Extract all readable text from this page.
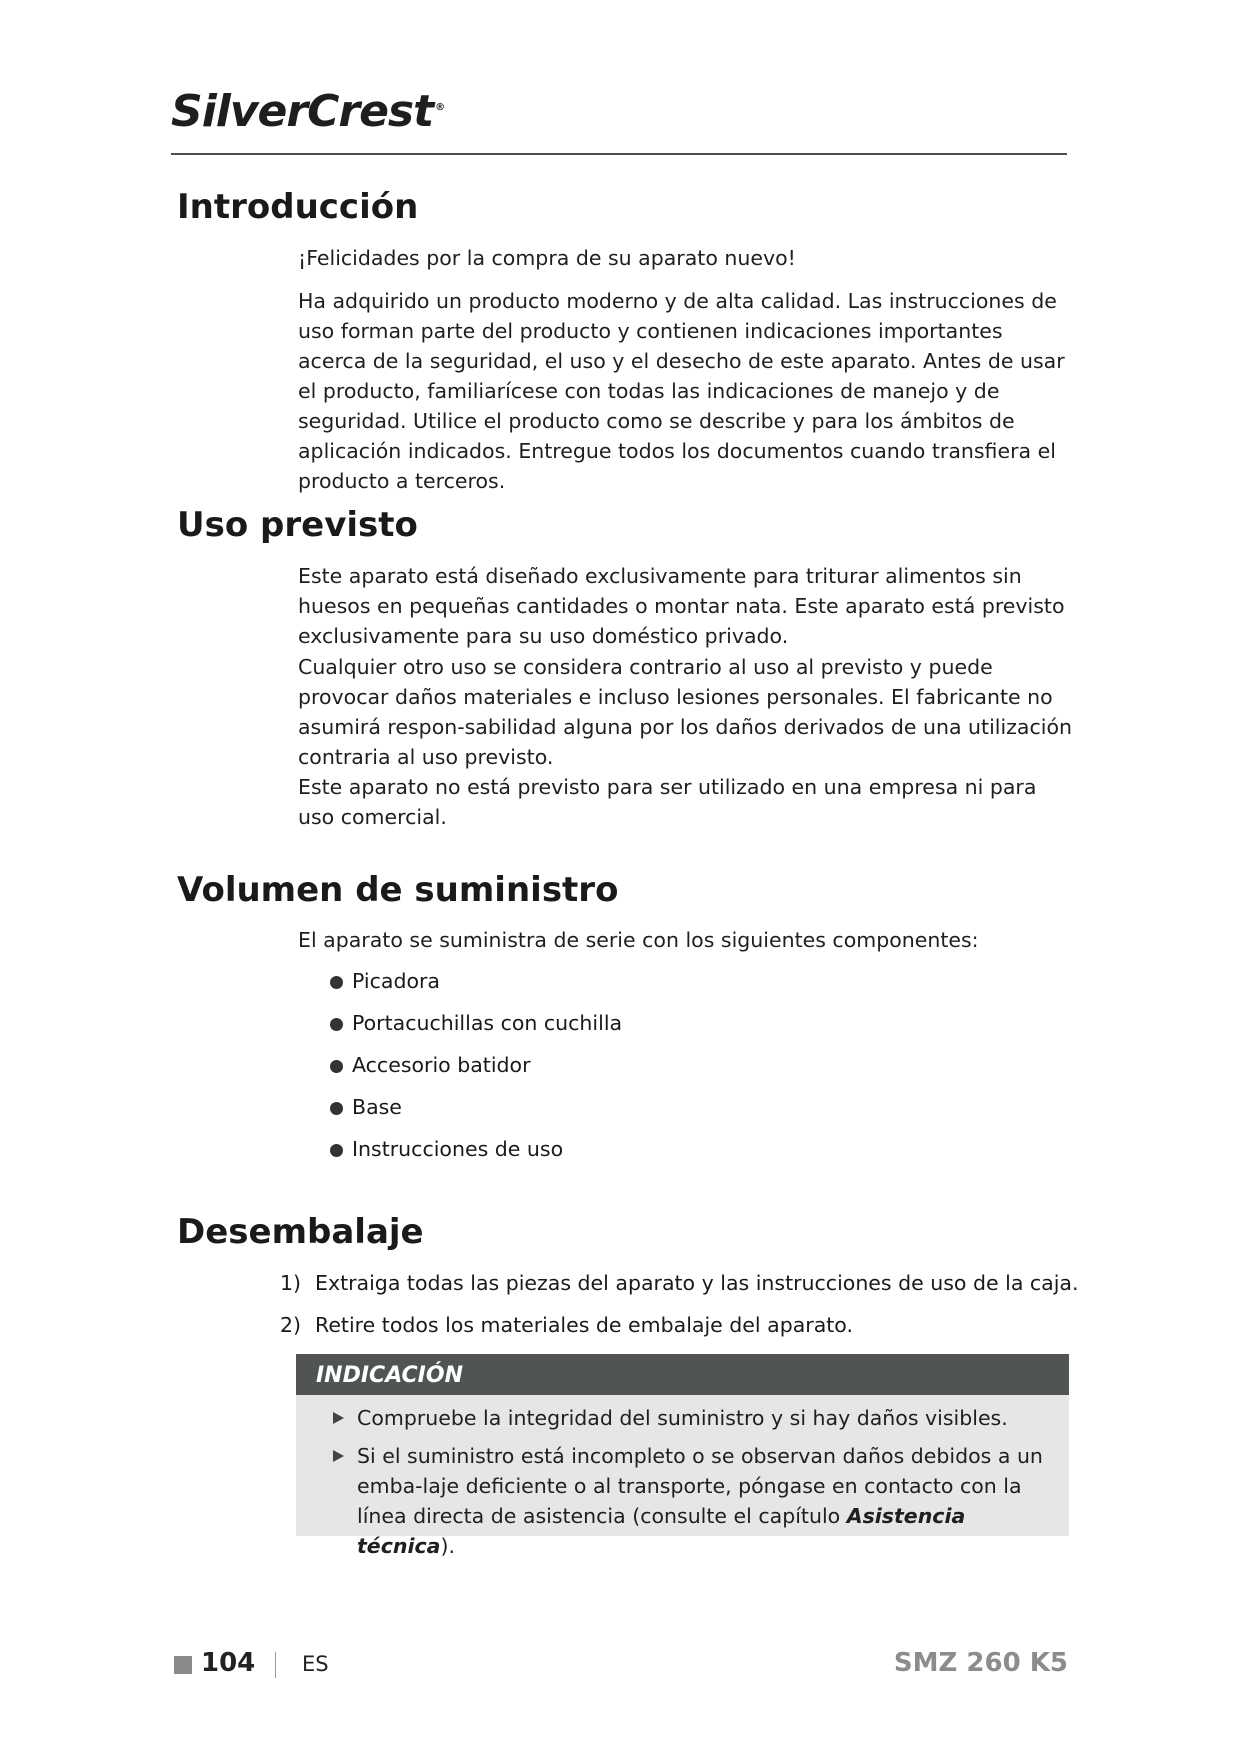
SilverCrest ®
Introducción

¡Felicidades por la compra de su aparato nuevo!

Ha adquirido un producto moderno y de alta calidad. Las instrucciones de uso forman parte del producto y contienen indicaciones importantes acerca de la seguridad, el uso y el desecho de este aparato. Antes de usar el producto, familiarícese con todas las indicaciones de manejo y de seguridad. Utilice el producto como se describe y para los ámbitos de aplicación indicados. Entregue todos los documentos cuando transfiera el producto a terceros.

Uso previsto

Este aparato está diseñado exclusivamente para triturar alimentos sin huesos en pequeñas cantidades o montar nata. Este aparato está previsto exclusivamente para su uso doméstico privado.

Cualquier otro uso se considera contrario al uso al previsto y puede provocar daños materiales e incluso lesiones personales. El fabricante no asumirá respon-sabilidad alguna por los daños derivados de una utilización contraria al uso previsto.

Este aparato no está previsto para ser utilizado en una empresa ni para uso comercial.

Volumen de suministro

El aparato se suministra de serie con los siguientes componentes:

Picadora
Portacuchillas con cuchilla
Accesorio batidor
Base
Instrucciones de uso
Desembalaje
1) Extraiga todas las piezas del aparato y las instrucciones de uso de la caja.
2) Retire todos los materiales de embalaje del aparato.
INDICACIÓN
Compruebe la integridad del suministro y si hay daños visibles.
Si el suministro está incompleto o se observan daños debidos a un emba-laje deficiente o al transporte, póngase en contacto con la línea directa de asistencia (consulte el capítulo Asistencia técnica).
104 ES	SMZ 260 K5
